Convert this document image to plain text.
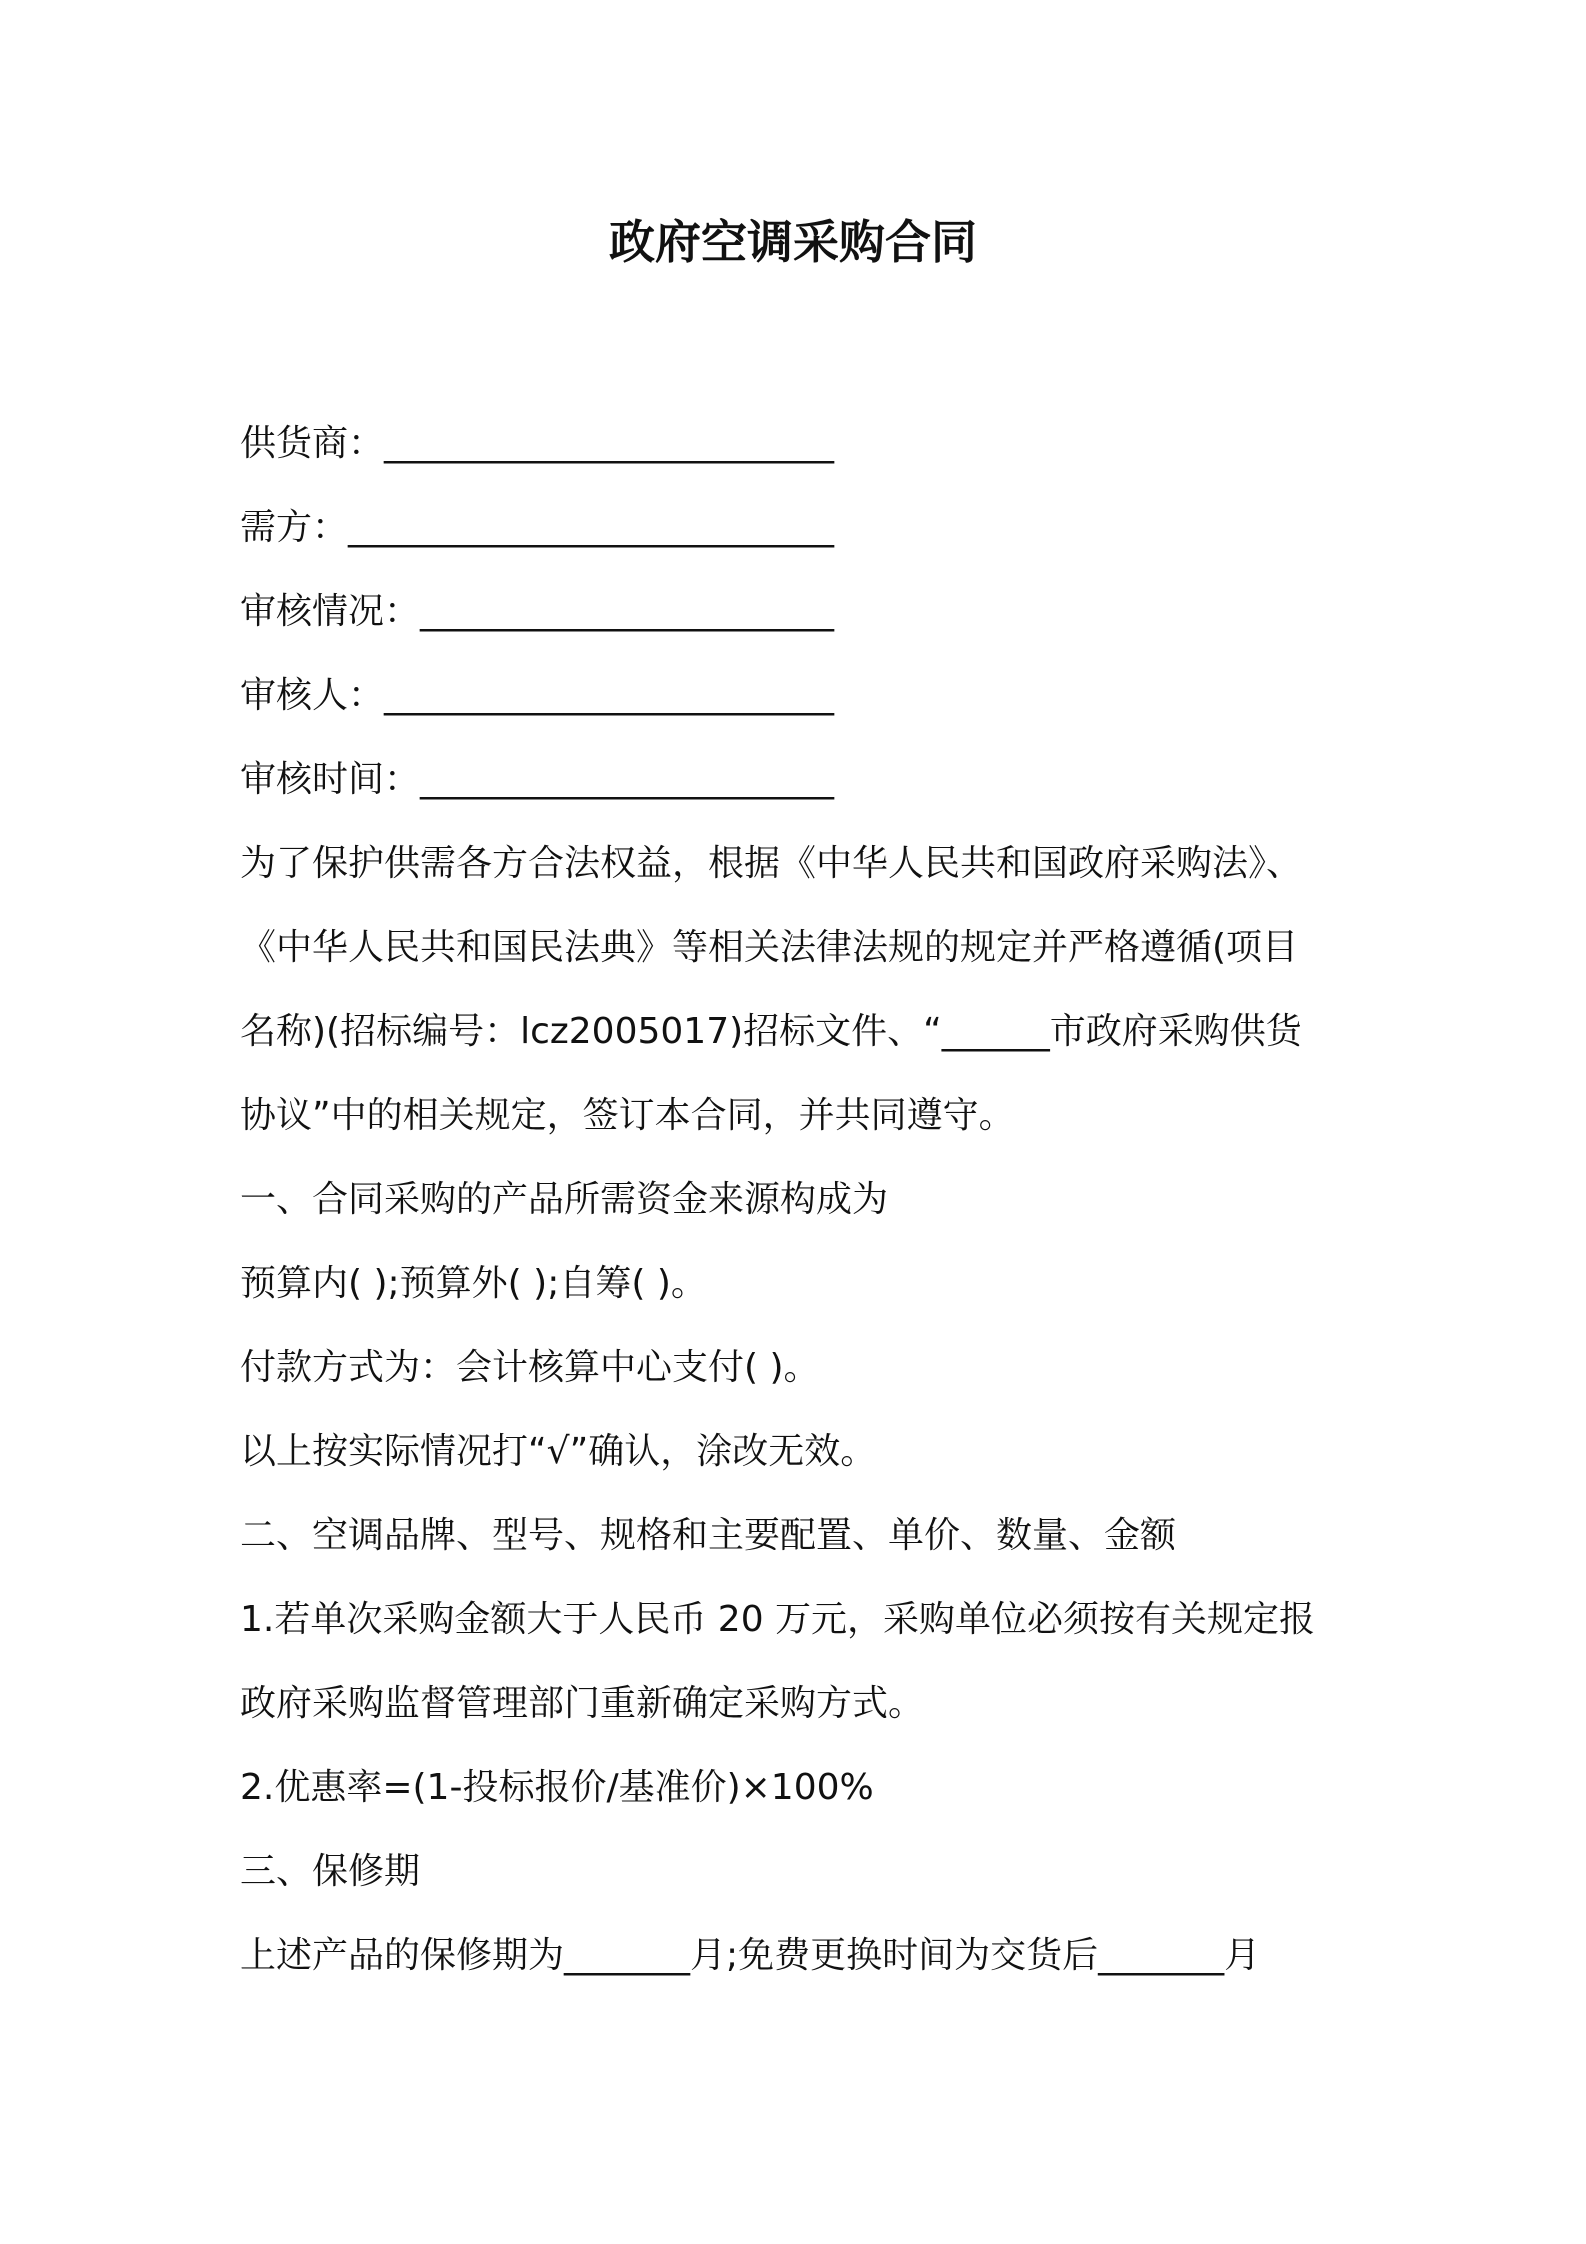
政府空调采购合同
供货商：_________________________
需方：___________________________
审核情况：_______________________
审核人：_________________________
审核时间：_______________________
为了保护供需各方合法权益，根据《中华人民共和国政府采购法》、
《中华人民共和国民法典》等相关法律法规的规定并严格遵循(项目
名称)(招标编号：lcz2005017)招标文件、“______市政府采购供货
协议”中的相关规定，签订本合同，并共同遵守。
一、合同采购的产品所需资金来源构成为
预算内( );预算外( );自筹( )。
付款方式为：会计核算中心支付( )。
以上按实际情况打“√”确认，涂改无效。
二、空调品牌、型号、规格和主要配置、单价、数量、金额
1.若单次采购金额大于人民币 20 万元，采购单位必须按有关规定报
政府采购监督管理部门重新确定采购方式。
2.优惠率=(1-投标报价/基准价)×100%
三、保修期
上述产品的保修期为_______月;免费更换时间为交货后_______月
